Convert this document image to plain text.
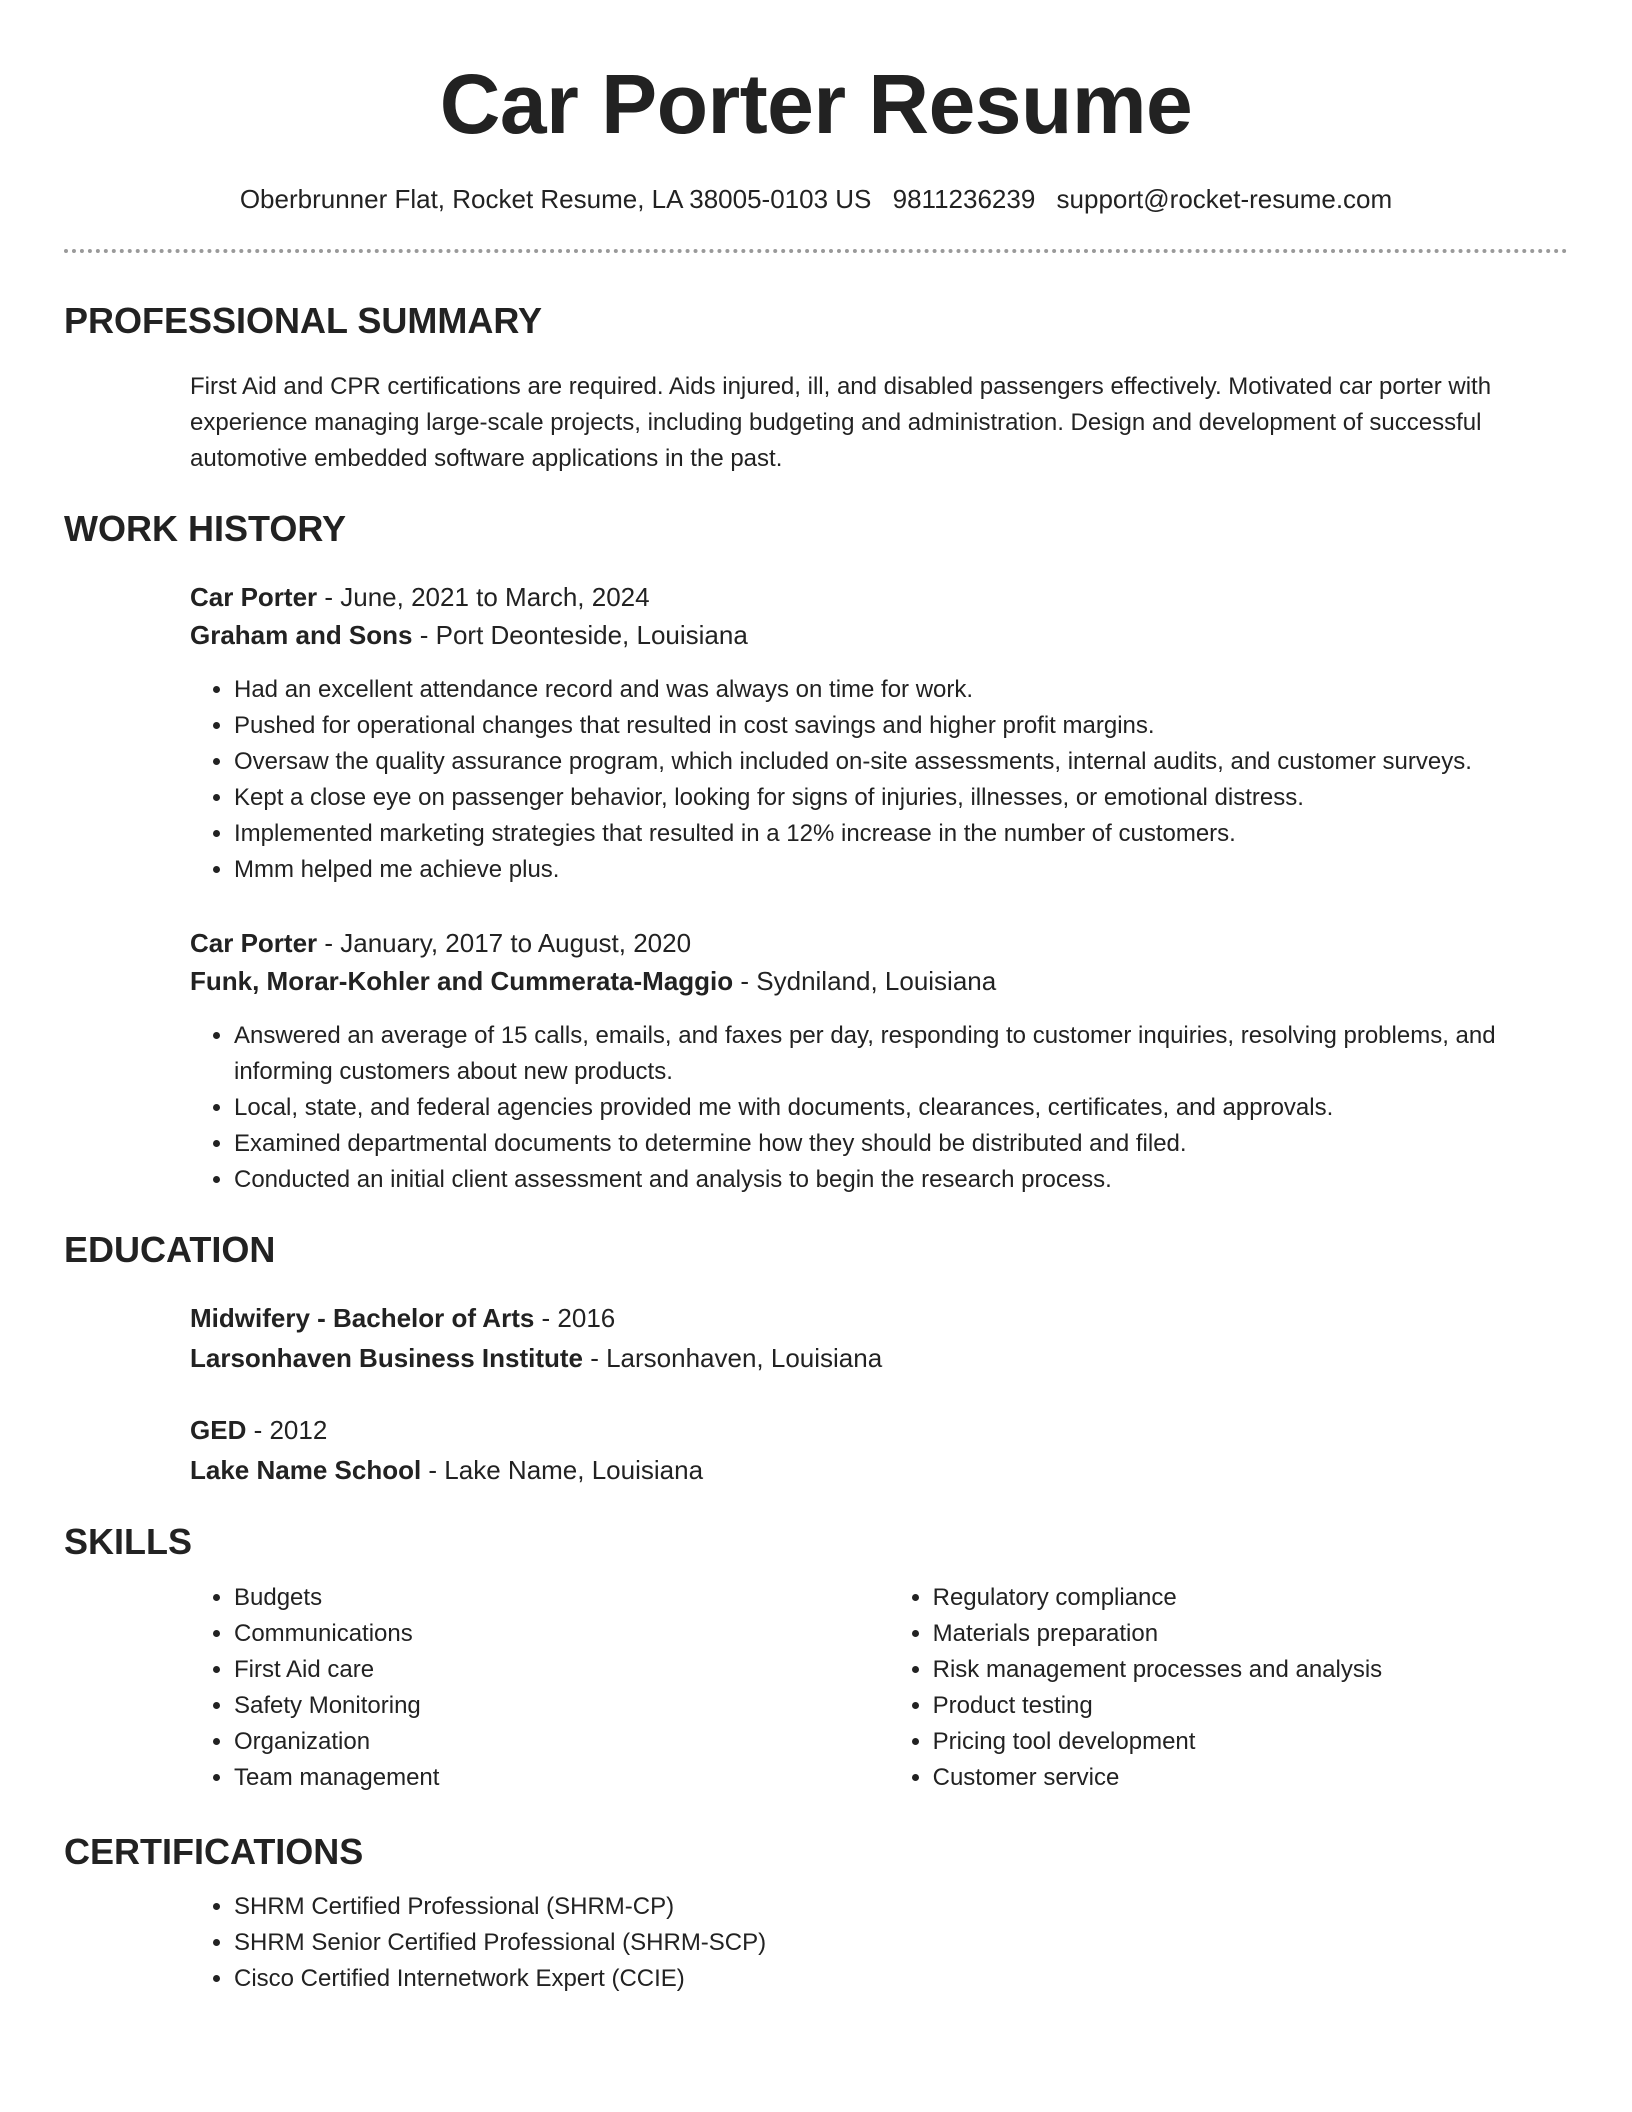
Car Porter Resume
Oberbrunner Flat, Rocket Resume, LA 38005-0103 US 9811236239 support@rocket-resume.com
PROFESSIONAL SUMMARY
First Aid and CPR certifications are required. Aids injured, ill, and disabled passengers effectively. Motivated car porter with experience managing large-scale projects, including budgeting and administration. Design and development of successful automotive embedded software applications in the past.
WORK HISTORY
Car Porter - June, 2021 to March, 2024
Graham and Sons - Port Deonteside, Louisiana
• Had an excellent attendance record and was always on time for work.
• Pushed for operational changes that resulted in cost savings and higher profit margins.
• Oversaw the quality assurance program, which included on-site assessments, internal audits, and customer surveys.
• Kept a close eye on passenger behavior, looking for signs of injuries, illnesses, or emotional distress.
• Implemented marketing strategies that resulted in a 12% increase in the number of customers.
• Mmm helped me achieve plus.
Car Porter - January, 2017 to August, 2020
Funk, Morar-Kohler and Cummerata-Maggio - Sydniland, Louisiana
• Answered an average of 15 calls, emails, and faxes per day, responding to customer inquiries, resolving problems, and informing customers about new products.
• Local, state, and federal agencies provided me with documents, clearances, certificates, and approvals.
• Examined departmental documents to determine how they should be distributed and filed.
• Conducted an initial client assessment and analysis to begin the research process.
EDUCATION
Midwifery - Bachelor of Arts - 2016
Larsonhaven Business Institute - Larsonhaven, Louisiana
GED - 2012
Lake Name School - Lake Name, Louisiana
SKILLS
• Budgets
• Communications
• First Aid care
• Safety Monitoring
• Organization
• Team management
• Regulatory compliance
• Materials preparation
• Risk management processes and analysis
• Product testing
• Pricing tool development
• Customer service
CERTIFICATIONS
• SHRM Certified Professional (SHRM-CP)
• SHRM Senior Certified Professional (SHRM-SCP)
• Cisco Certified Internetwork Expert (CCIE)
